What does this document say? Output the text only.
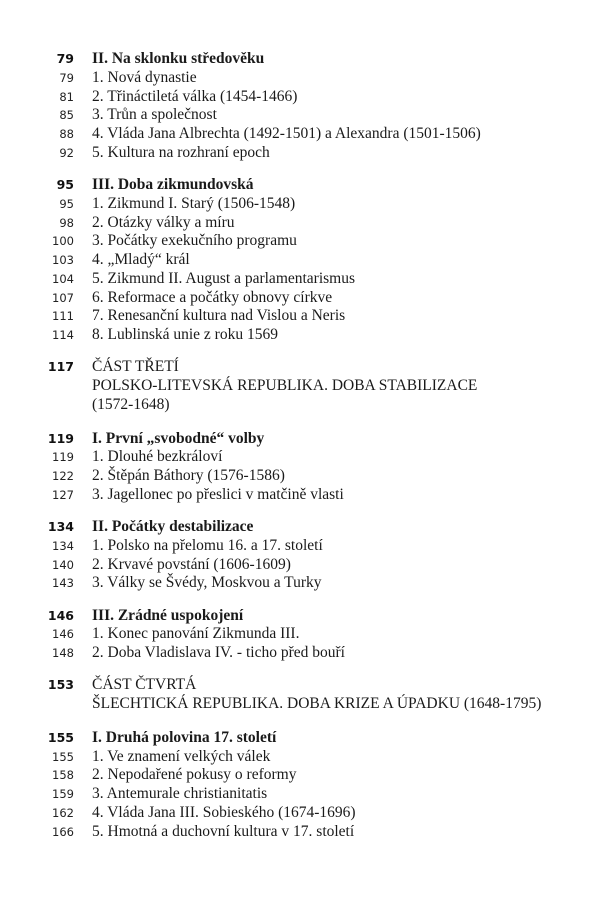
79 II. Na sklonku středověku
79 1. Nová dynastie
81 2. Třináctiletá válka (1454-1466)
85 3. Trůn a společnost
88 4. Vláda Jana Albrechta (1492-1501) a Alexandra (1501-1506)
92 5. Kultura na rozhraní epoch
95 III. Doba zikmundovská
95 1. Zikmund I. Starý (1506-1548)
98 2. Otázky války a míru
100 3. Počátky exekučního programu
103 4. „Mladý“ král
104 5. Zikmund II. August a parlamentarismus
107 6. Reformace a počátky obnovy církve
111 7. Renesanční kultura nad Vislou a Neris
114 8. Lublinská unie z roku 1569
117 ČÁST TŘETÍ
POLSKO-LITEVSKÁ REPUBLIKA. DOBA STABILIZACE
(1572-1648)
119 I. První „svobodné“ volby
119 1. Dlouhé bezkráloví
122 2. Štěpán Báthory (1576-1586)
127 3. Jagellonec po přeslici v matčině vlasti
134 II. Počátky destabilizace
134 1. Polsko na přelomu 16. a 17. století
140 2. Krvavé povstání (1606-1609)
143 3. Války se Švédy, Moskvou a Turky
146 III. Zrádné uspokojení
146 1. Konec panování Zikmunda III.
148 2. Doba Vladislava IV. - ticho před bouří
153 ČÁST ČTVRTÁ
ŠLECHTICKÁ REPUBLIKA. DOBA KRIZE A ÚPADKU (1648-1795)
155 I. Druhá polovina 17. století
155 1. Ve znamení velkých válek
158 2. Nepodařené pokusy o reformy
159 3. Antemurale christianitatis
162 4. Vláda Jana III. Sobieského (1674-1696)
166 5. Hmotná a duchovní kultura v 17. století
